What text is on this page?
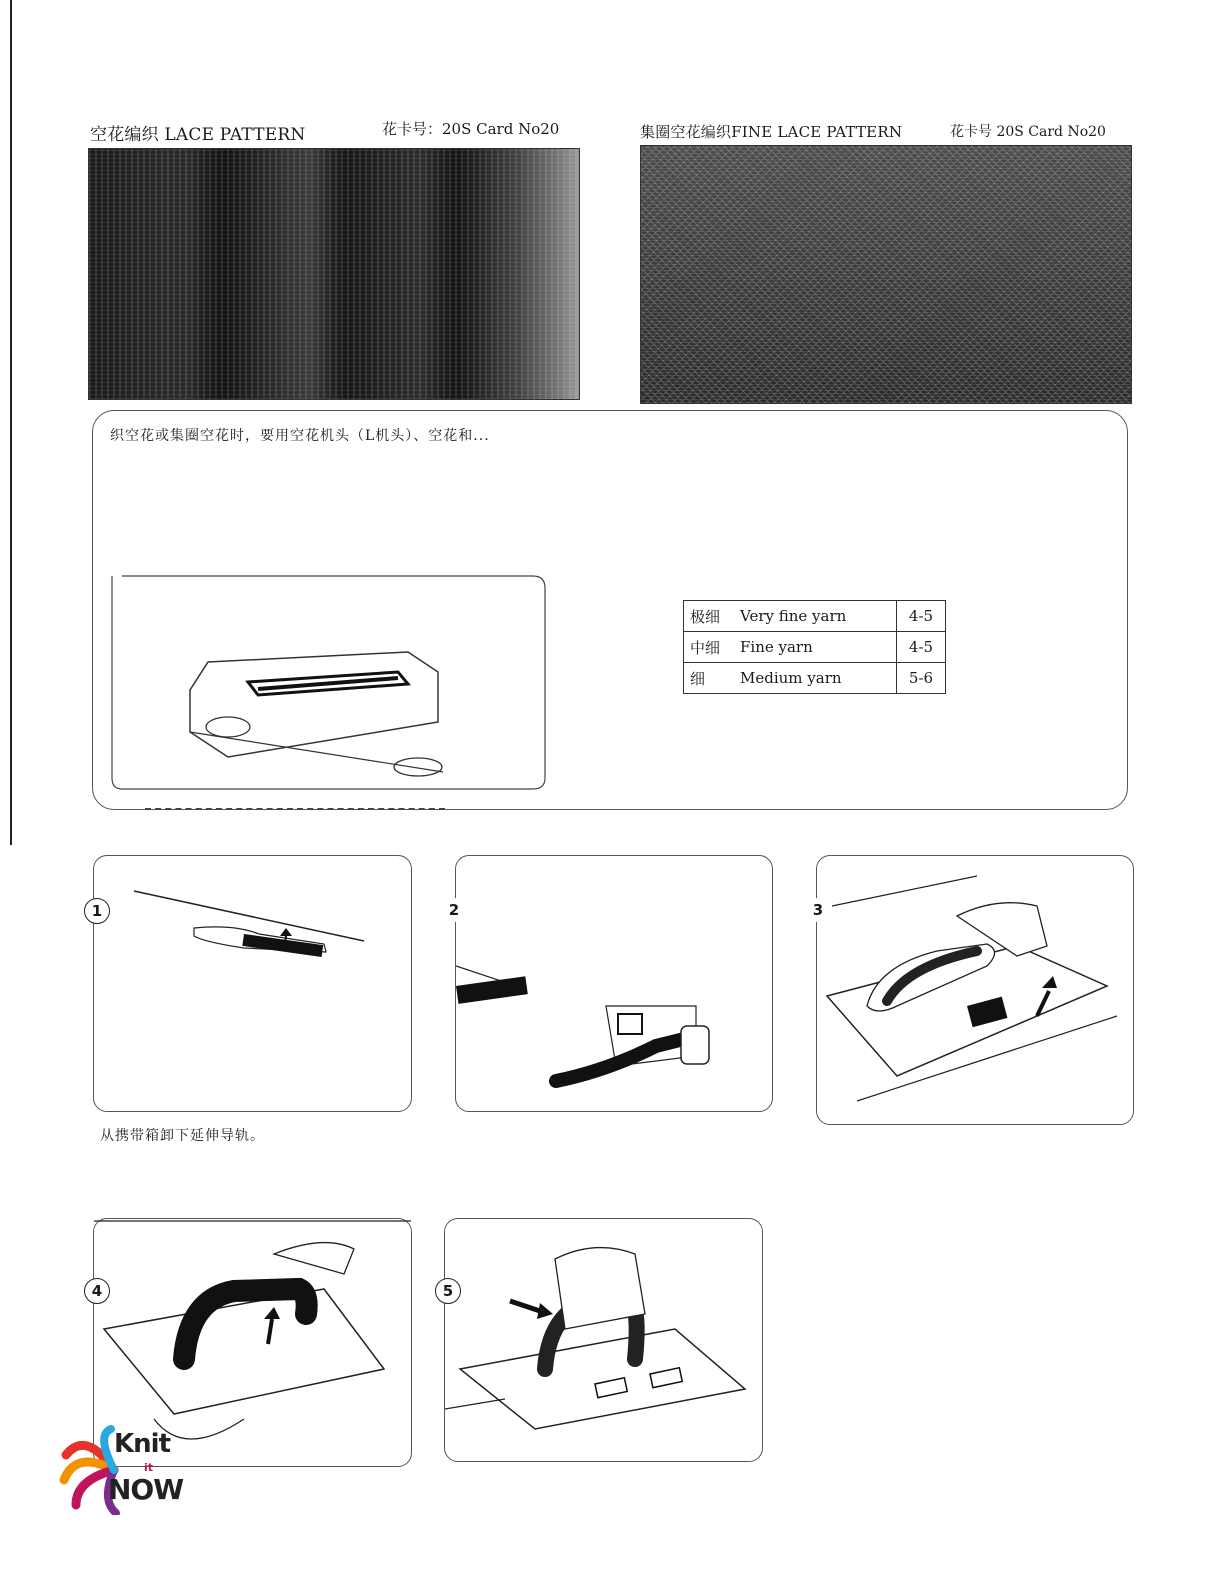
空花编织 LACE PATTERN	花卡号：20S Card No20	集圈空花编织FINE LACE PATTERN	花卡号 20S Card No20
织空花或集圈空花时，要用空花机头（L机头）、空花和...
极细	Very fine yarn	4-5
中细	Fine yarn	4-5
细	Medium yarn	5-6
1
从携带箱卸下延伸导轨。
2	3
4	5
Knit
it
NOW
